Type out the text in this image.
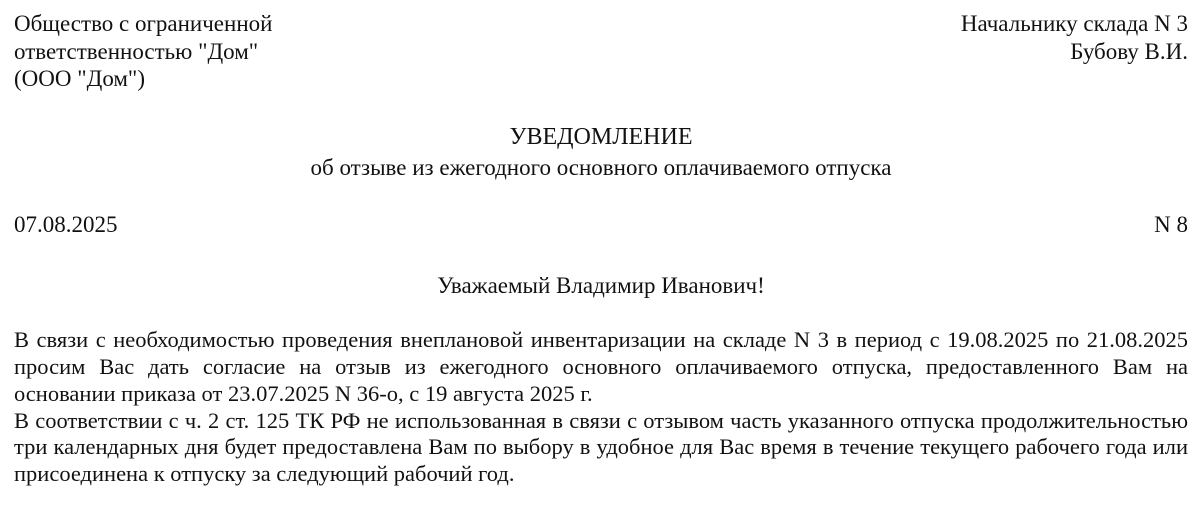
Общество с ограниченной
ответственностью "Дом"
(ООО "Дом")
Начальнику склада N 3
Бубову В.И.
УВЕДОМЛЕНИЕ
об отзыве из ежегодного основного оплачиваемого отпуска
07.08.2025	N 8
Уважаемый Владимир Иванович!

В связи с необходимостью проведения внеплановой инвентаризации на складе N 3 в период с 19.08.2025 по 21.08.2025 просим Вас дать согласие на отзыв из ежегодного основного оплачиваемого отпуска, предоставленного Вам на основании приказа от 23.07.2025 N 36-о, с 19 августа 2025 г.

В соответствии с ч. 2 ст. 125 ТК РФ не использованная в связи с отзывом часть указанного отпуска продолжительностью три календарных дня будет предоставлена Вам по выбору в удобное для Вас время в течение текущего рабочего года или присоединена к отпуску за следующий рабочий год.
